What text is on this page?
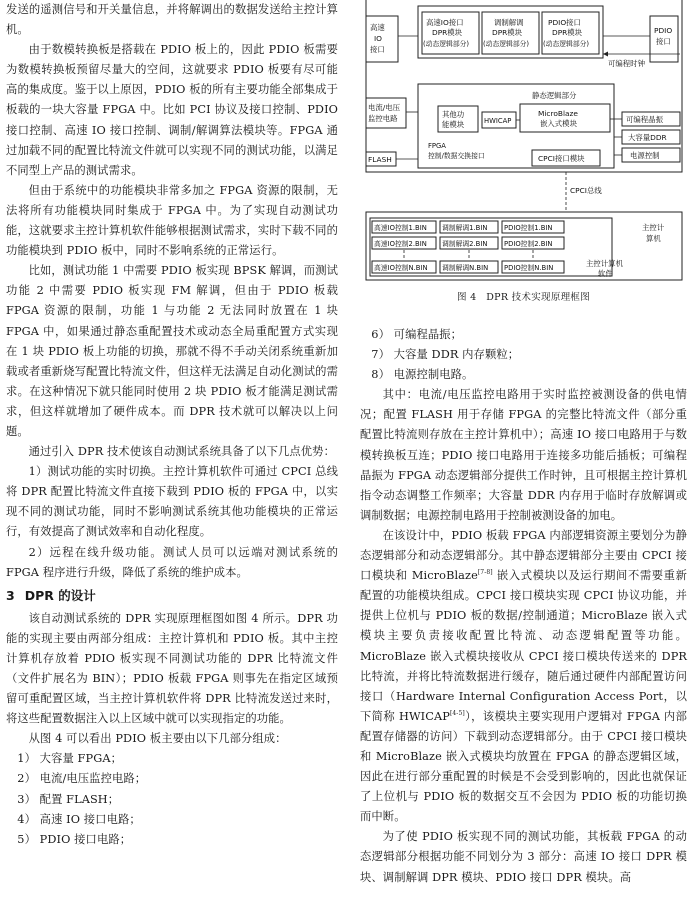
发送的遥测信号和开关量信息，并将解调出的数据发送给主控计算机。

由于数模转换板是搭载在 PDIO 板上的，因此 PDIO 板需要为数模转换板预留尽量大的空间，这就要求 PDIO 板要有尽可能高的集成度。鉴于以上原因，PDIO 板的所有主要功能全部集成于板载的一块大容量 FPGA 中。比如 PCI 协议及接口控制、PDIO 接口控制、高速 IO 接口控制、调制/解调算法模块等。FPGA 通过加载不同的配置比特流文件就可以实现不同的测试功能，以满足不同型上产品的测试需求。

但由于系统中的功能模块非常多加之 FPGA 资源的限制，无法将所有功能模块同时集成于 FPGA 中。为了实现自动测试功能，这就要求主控计算机软件能够根据测试需求，实时下载不同的功能模块到 PDIO 板中，同时不影响系统的正常运行。

比如，测试功能 1 中需要 PDIO 板实现 BPSK 解调，而测试功能 2 中需要 PDIO 板实现 FM 解调，但由于 PDIO 板载 FPGA 资源的限制，功能 1 与功能 2 无法同时放置在 1 块 FPGA 中，如果通过静态重配置技术或动态全局重配置方式实现在 1 块 PDIO 板上功能的切换，那就不得不手动关闭系统重新加载或者重新烧写配置比特流文件，但这样无法满足自动化测试的需求。在这种情况下就只能同时使用 2 块 PDIO 板才能满足测试需求，但这样就增加了硬件成本。而 DPR 技术就可以解决以上问题。

通过引入 DPR 技术使该自动测试系统具备了以下几点优势：

1）测试功能的实时切换。主控计算机软件可通过 CPCI 总线将 DPR 配置比特流文件直接下载到 PDIO 板的 FPGA 中，以实现不同的测试功能，同时不影响测试系统其他功能模块的正常运行，有效提高了测试效率和自动化程度。

2）远程在线升级功能。测试人员可以远端对测试系统的 FPGA 程序进行升级，降低了系统的维护成本。

3 DPR 的设计

该自动测试系统的 DPR 实现原理框图如图 4 所示。DPR 功能的实现主要由两部分组成：主控计算机和 PDIO 板。其中主控计算机存放着 PDIO 板实现不同测试功能的 DPR 比特流文件（文件扩展名为 BIN）；PDIO 板载 FPGA 则事先在指定区域预留可重配置区域，当主控计算机软件将 DPR 比特流发送过来时，将这些配置数据注入以上区域中就可以实现指定的功能。

从图 4 可以看出 PDIO 板主要由以下几部分组成：

1） 大容量 FPGA；

2） 电流/电压监控电路；

3） 配置 FLASH；

4） 高速 IO 接口电路；

5） PDIO 接口电路；

高速
IO
接口
高速IO接口
DPR模块
(动态逻辑部分)
调制解调
DPR模块
(动态逻辑部分)
PDIO接口
DPR模块
(动态逻辑部分)
PDIO
接口
可编程时钟
电流/电压
监控电路
静态逻辑部分
其他功
能模块	HWICAP
MicroBlaze
嵌入式模块	可编程晶振
大容量DDR
电源控制
FLASH
FPGA
控制/数据交换接口	CPCI接口模块
CPCI总线
主控计
算机
主控计算机
软件
高速IO控制1.BIN 调制解调1.BIN PDIO控制1.BIN
高速IO控制2.BIN 调制解调2.BIN PDIO控制2.BIN
高速IO控制N.BIN 调制解调N.BIN PDIO控制N.BIN
图 4　DPR 技术实现原理框图

6） 可编程晶振；

7） 大容量 DDR 内存颗粒；

8） 电源控制电路。

其中：电流/电压监控电路用于实时监控被测设备的供电情况；配置 FLASH 用于存储 FPGA 的完整比特流文件（部分重配置比特流则存放在主控计算机中）；高速 IO 接口电路用于与数模转换板互连；PDIO 接口电路用于连接多功能后插板；可编程晶振为 FPGA 动态逻辑部分提供工作时钟，且可根据主控计算机指令动态调整工作频率；大容量 DDR 内存用于临时存放解调或调制数据；电源控制电路用于控制被测设备的加电。

在该设计中，PDIO 板载 FPGA 内部逻辑资源主要划分为静态逻辑部分和动态逻辑部分。其中静态逻辑部分主要由 CPCI 接口模块和 MicroBlaze[7-8] 嵌入式模块以及运行期间不需要重新配置的功能模块组成。CPCI 接口模块实现 CPCI 协议功能，并提供上位机与 PDIO 板的数据/控制通道；MicroBlaze 嵌入式模块主要负责接收配置比特流、动态逻辑配置等功能。MicroBlaze 嵌入式模块接收从 CPCI 接口模块传送来的 DPR 比特流，并将比特流数据进行缓存，随后通过硬件内部配置访问接口（Hardware Internal Configuration Access Port，以下简称 HWICAP[4-5]），该模块主要实现用户逻辑对 FPGA 内部配置存储器的访问）下载到动态逻辑部分。由于 CPCI 接口模块和 MicroBlaze 嵌入式模块均放置在 FPGA 的静态逻辑区域，因此在进行部分重配置的时候是不会受到影响的，因此也就保证了上位机与 PDIO 板的数据交互不会因为 PDIO 板的功能切换而中断。

为了使 PDIO 板实现不同的测试功能，其板载 FPGA 的动态逻辑部分根据功能不同划分为 3 部分：高速 IO 接口 DPR 模块、调制解调 DPR 模块、PDIO 接口 DPR 模块。高
